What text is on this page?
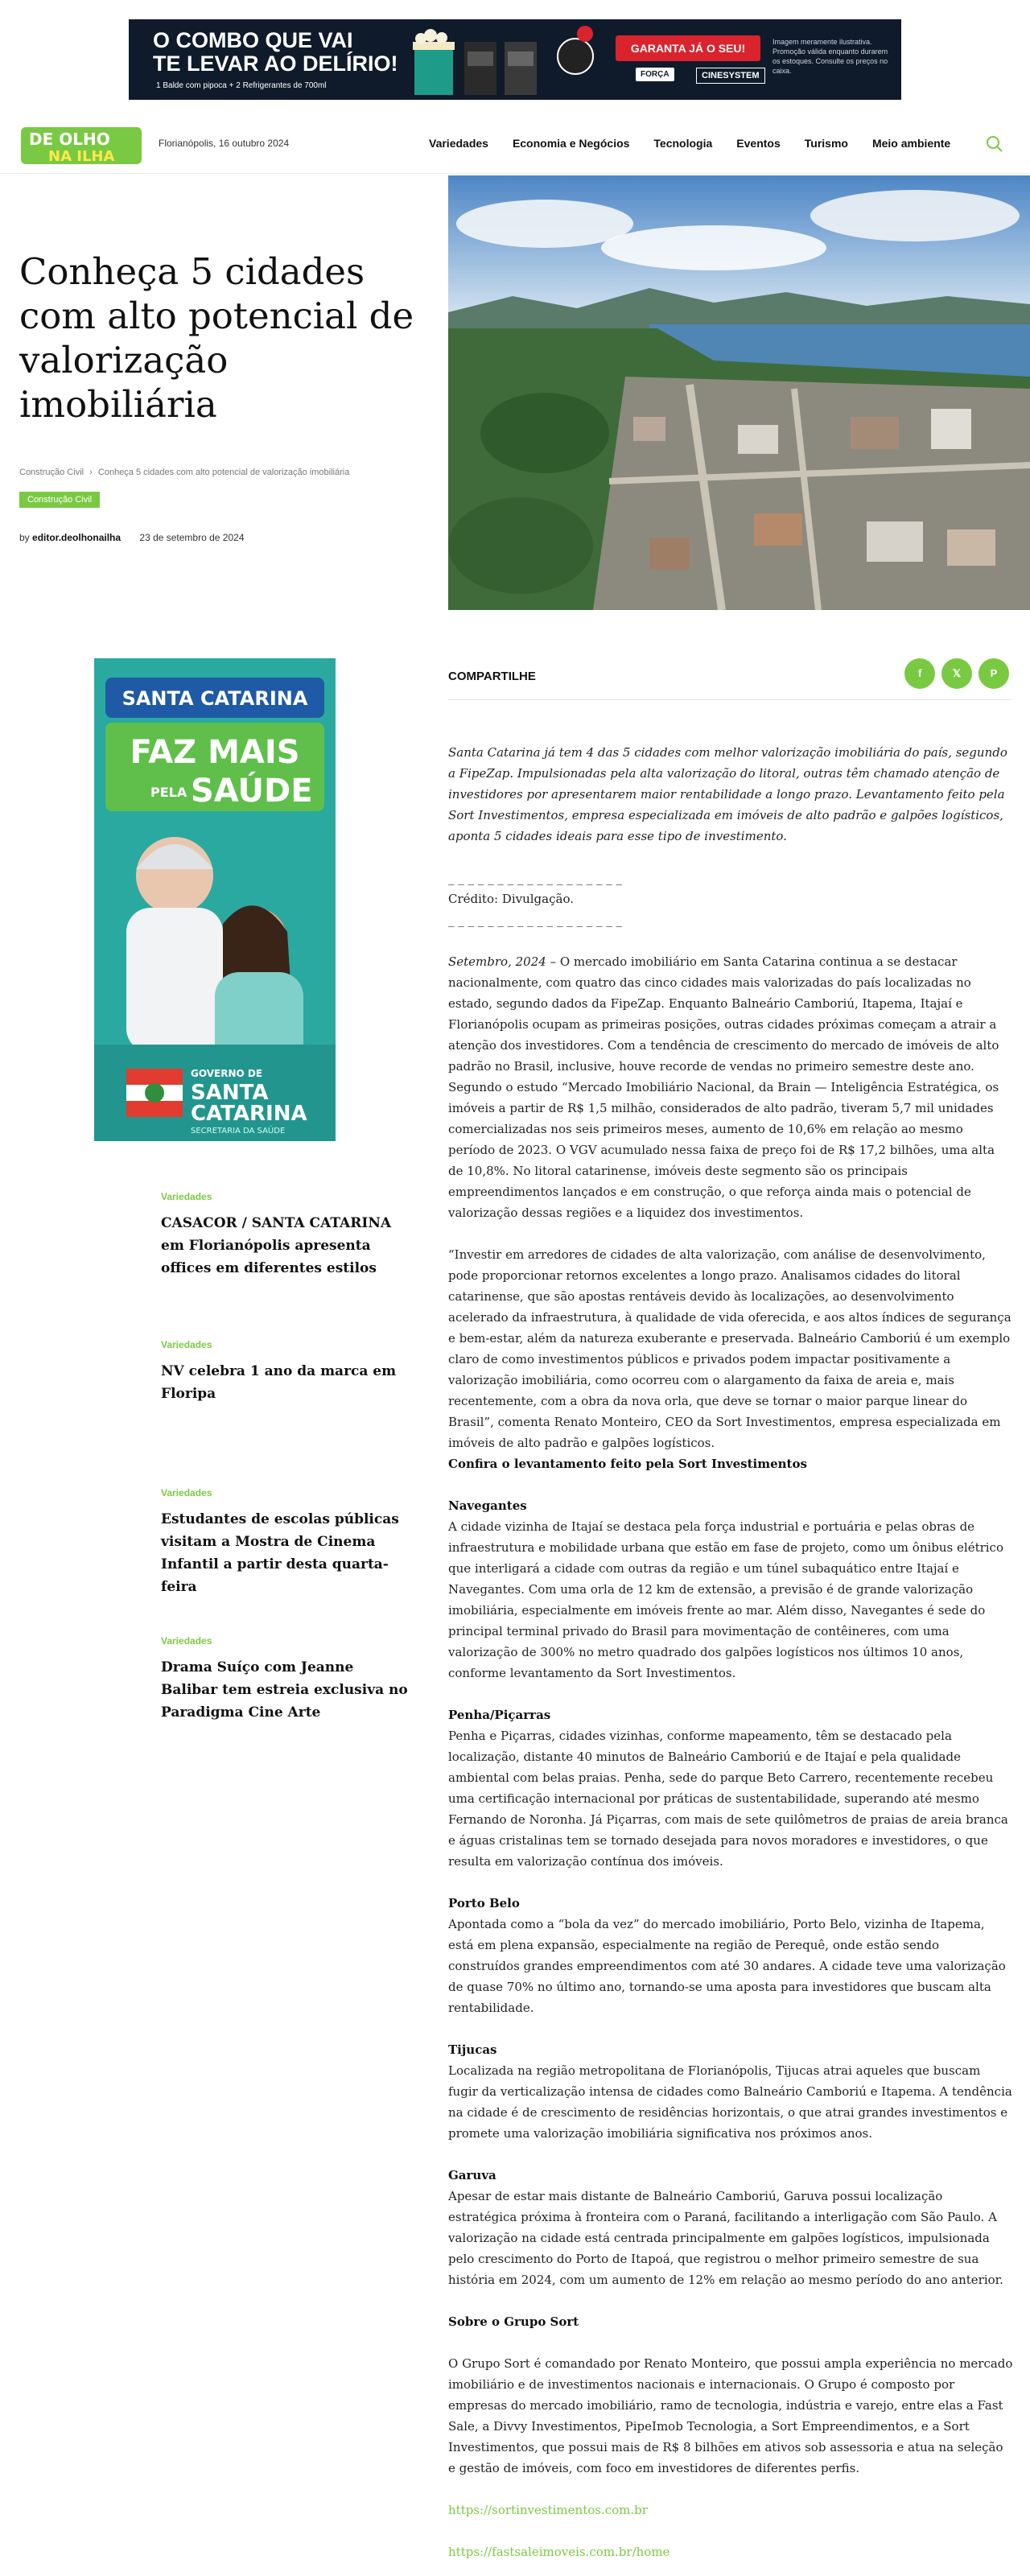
O COMBO QUE VAI
TE LEVAR AO DELÍRIO!
1 Balde com pipoca + 2 Refrigerantes de 700ml
GARANTA JÁ O SEU!
FORÇA	CINESYSTEM
Imagem meramente ilustrativa. Promoção válida enquanto durarem os estoques. Consulte os preços no caixa.
DE OLHO
NA ILHA
Florianópolis, 16 outubro 2024	Variedades Economia e Negócios Tecnologia Eventos Turismo Meio ambiente
Conheça 5 cidades com alto potencial de valorização imobiliária
Construção Civil › Conheça 5 cidades com alto potencial de valorização imobiliária
Construção Civil
by editor.deolhonailha 23 de setembro de 2024
SANTA CATARINA
FAZ MAIS
PELA SAÚDE
GOVERNO DE
SANTA
CATARINA
SECRETARIA DA SAÚDE
Variedades
CASACOR / SANTA CATARINA em Florianópolis apresenta offices em diferentes estilos
Variedades
NV celebra 1 ano da marca em Floripa
Variedades
Estudantes de escolas públicas visitam a Mostra de Cinema Infantil a partir desta quarta-feira
Variedades
Drama Suíço com Jeanne Balibar tem estreia exclusiva no Paradigma Cine Arte
COMPARTILHE	f	𝕏	P

Santa Catarina já tem 4 das 5 cidades com melhor valorização imobiliária do país, segundo a FipeZap. Impulsionadas pela alta valorização do litoral, outras têm chamado atenção de investidores por apresentarem maior rentabilidade a longo prazo. Levantamento feito pela Sort Investimentos, empresa especializada em imóveis de alto padrão e galpões logísticos, aponta 5 cidades ideais para esse tipo de investimento.

_ _ _ _ _ _ _ _ _ _ _ _ _ _ _ _ _ _

Crédito: Divulgação.

_ _ _ _ _ _ _ _ _ _ _ _ _ _ _ _ _ _

Setembro, 2024 – O mercado imobiliário em Santa Catarina continua a se destacar nacionalmente, com quatro das cinco cidades mais valorizadas do país localizadas no estado, segundo dados da FipeZap. Enquanto Balneário Camboriú, Itapema, Itajaí e Florianópolis ocupam as primeiras posições, outras cidades próximas começam a atrair a atenção dos investidores. Com a tendência de crescimento do mercado de imóveis de alto padrão no Brasil, inclusive, houve recorde de vendas no primeiro semestre deste ano. Segundo o estudo “Mercado Imobiliário Nacional, da Brain — Inteligência Estratégica, os imóveis a partir de R$ 1,5 milhão, considerados de alto padrão, tiveram 5,7 mil unidades comercializadas nos seis primeiros meses, aumento de 10,6% em relação ao mesmo período de 2023. O VGV acumulado nessa faixa de preço foi de R$ 17,2 bilhões, uma alta de 10,8%. No litoral catarinense, imóveis deste segmento são os principais empreendimentos lançados e em construção, o que reforça ainda mais o potencial de valorização dessas regiões e a liquidez dos investimentos.

“Investir em arredores de cidades de alta valorização, com análise de desenvolvimento, pode proporcionar retornos excelentes a longo prazo. Analisamos cidades do litoral catarinense, que são apostas rentáveis devido às localizações, ao desenvolvimento acelerado da infraestrutura, à qualidade de vida oferecida, e aos altos índices de segurança e bem-estar, além da natureza exuberante e preservada. Balneário Camboriú é um exemplo claro de como investimentos públicos e privados podem impactar positivamente a valorização imobiliária, como ocorreu com o alargamento da faixa de areia e, mais recentemente, com a obra da nova orla, que deve se tornar o maior parque linear do Brasil”, comenta Renato Monteiro, CEO da Sort Investimentos, empresa especializada em imóveis de alto padrão e galpões logísticos.

Confira o levantamento feito pela Sort Investimentos

Navegantes

A cidade vizinha de Itajaí se destaca pela força industrial e portuária e pelas obras de infraestrutura e mobilidade urbana que estão em fase de projeto, como um ônibus elétrico que interligará a cidade com outras da região e um túnel subaquático entre Itajaí e Navegantes. Com uma orla de 12 km de extensão, a previsão é de grande valorização imobiliária, especialmente em imóveis frente ao mar. Além disso, Navegantes é sede do principal terminal privado do Brasil para movimentação de contêineres, com uma valorização de 300% no metro quadrado dos galpões logísticos nos últimos 10 anos, conforme levantamento da Sort Investimentos.

Penha/Piçarras

Penha e Piçarras, cidades vizinhas, conforme mapeamento, têm se destacado pela localização, distante 40 minutos de Balneário Camboriú e de Itajaí e pela qualidade ambiental com belas praias. Penha, sede do parque Beto Carrero, recentemente recebeu uma certificação internacional por práticas de sustentabilidade, superando até mesmo Fernando de Noronha. Já Piçarras, com mais de sete quilômetros de praias de areia branca e águas cristalinas tem se tornado desejada para novos moradores e investidores, o que resulta em valorização contínua dos imóveis.

Porto Belo

Apontada como a “bola da vez” do mercado imobiliário, Porto Belo, vizinha de Itapema, está em plena expansão, especialmente na região de Perequê, onde estão sendo construídos grandes empreendimentos com até 30 andares. A cidade teve uma valorização de quase 70% no último ano, tornando-se uma aposta para investidores que buscam alta rentabilidade.

Tijucas

Localizada na região metropolitana de Florianópolis, Tijucas atrai aqueles que buscam fugir da verticalização intensa de cidades como Balneário Camboriú e Itapema. A tendência na cidade é de crescimento de residências horizontais, o que atrai grandes investimentos e promete uma valorização imobiliária significativa nos próximos anos.

Garuva

Apesar de estar mais distante de Balneário Camboriú, Garuva possui localização estratégica próxima à fronteira com o Paraná, facilitando a interligação com São Paulo. A valorização na cidade está centrada principalmente em galpões logísticos, impulsionada pelo crescimento do Porto de Itapoá, que registrou o melhor primeiro semestre de sua história em 2024, com um aumento de 12% em relação ao mesmo período do ano anterior.

Sobre o Grupo Sort

O Grupo Sort é comandado por Renato Monteiro, que possui ampla experiência no mercado imobiliário e de investimentos nacionais e internacionais. O Grupo é composto por empresas do mercado imobiliário, ramo de tecnologia, indústria e varejo, entre elas a Fast Sale, a Divvy Investimentos, PipeImob Tecnologia, a Sort Empreendimentos, e a Sort Investimentos, que possui mais de R$ 8 bilhões em ativos sob assessoria e atua na seleção e gestão de imóveis, com foco em investidores de diferentes perfis.

https://sortinvestimentos.com.br

https://fastsaleimoveis.com.br/home
